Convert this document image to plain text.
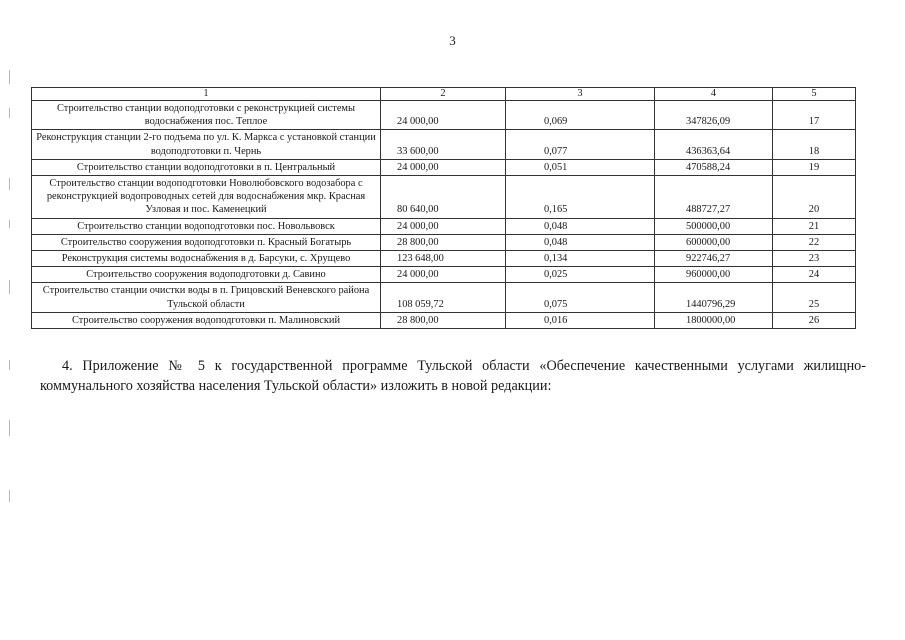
3
1	2	3	4	5
Строительство станции водоподготовки с реконструкцией системы водоснабжения пос. Теплое	24 000,00	0,069	347826,09	17
Реконструкция станции 2-го подъема по ул. К. Маркса с установкой станции водоподготовки п. Чернь	33 600,00	0,077	436363,64	18
Строительство станции водоподготовки в п. Центральный	24 000,00	0,051	470588,24	19
Строительство станции водоподготовки Новолюбовского водозабора с реконструкцией водопроводных сетей для водоснабжения мкр. Красная Узловая и пос. Каменецкий	80 640,00	0,165	488727,27	20
Строительство станции водоподготовки пос. Новольвовск	24 000,00	0,048	500000,00	21
Строительство сооружения водоподготовки п. Красный Богатырь	28 800,00	0,048	600000,00	22
Реконструкция системы водоснабжения в д. Барсуки, с. Хрущево	123 648,00	0,134	922746,27	23
Строительство сооружения водоподготовки д. Савино	24 000,00	0,025	960000,00	24
Строительство станции очистки воды в п. Грицовский Веневского района Тульской области	108 059,72	0,075	1440796,29	25
Строительство сооружения водоподготовки п. Малиновский	28 800,00	0,016	1800000,00	26
4. Приложение № 5 к государственной программе Тульской области «Обеспечение качественными услугами жилищно-коммунального хозяйства населения Тульской области» изложить в новой редакции:
